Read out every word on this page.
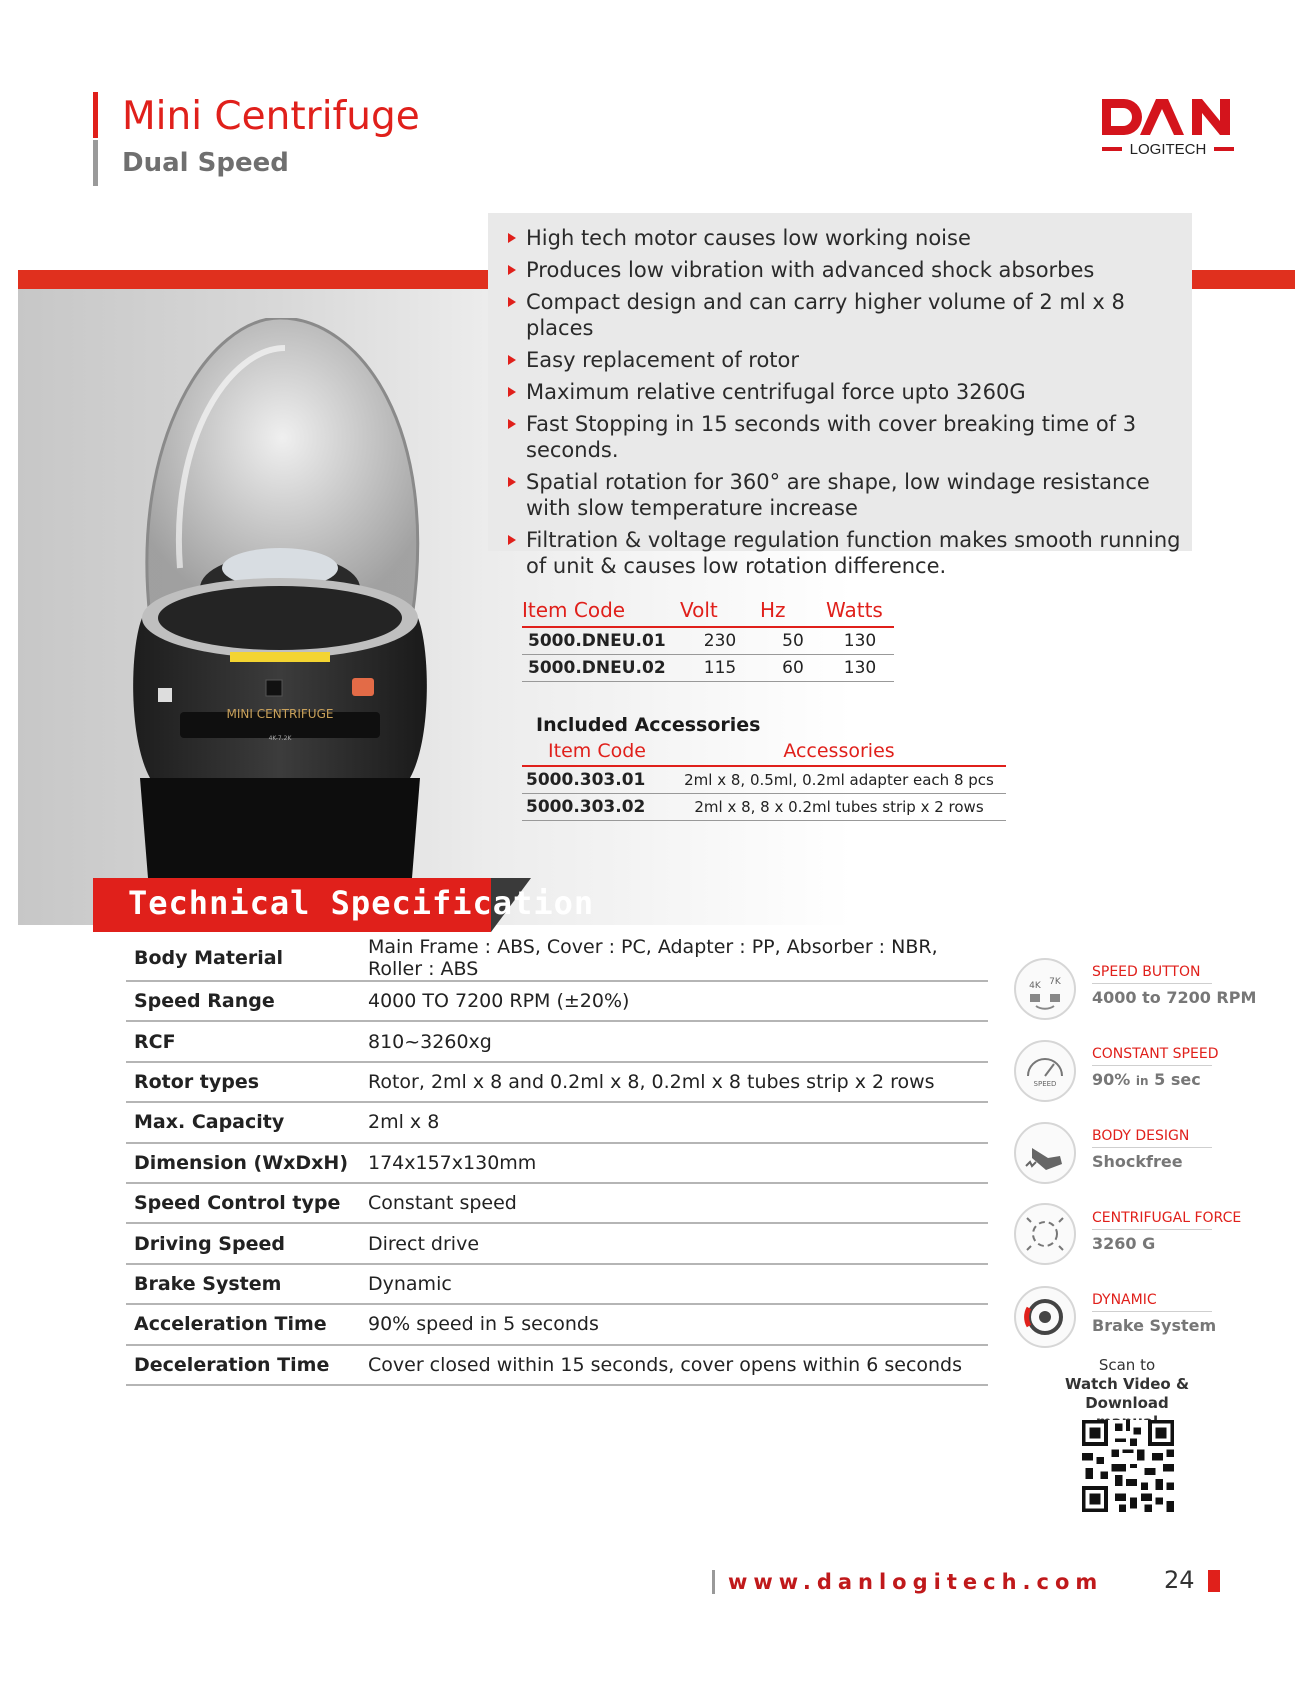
Mini Centrifuge
Dual Speed	LOGITECH
MINI CENTRIFUGE
4K-7.2K
High tech motor causes low working noise
Produces low vibration with advanced shock absorbes
Compact design and can carry higher volume of 2 ml x 8 places
Easy replacement of rotor
Maximum relative centrifugal force upto 3260G
Fast Stopping in 15 seconds with cover breaking time of 3 seconds.
Spatial rotation for 360° are shape, low windage resistance with slow temperature increase
Filtration & voltage regulation function makes smooth running of unit & causes low rotation difference.
Item Code	Volt	Hz	Watts
5000.DNEU.01	230	50	130
5000.DNEU.02	115	60	130
Included Accessories
Item Code	Accessories
5000.303.01	2ml x 8, 0.5ml, 0.2ml adapter each 8 pcs
5000.303.02	2ml x 8, 8 x 0.2ml tubes strip x 2 rows
Technical Specification
Body Material	Main Frame : ABS, Cover : PC, Adapter : PP, Absorber : NBR, Roller : ABS
Speed Range	4000 TO 7200 RPM (±20%)
RCF	810~3260xg
Rotor types	Rotor, 2ml x 8 and 0.2ml x 8, 0.2ml x 8 tubes strip x 2 rows
Max. Capacity	2ml x 8
Dimension (WxDxH)	174x157x130mm
Speed Control type	Constant speed
Driving Speed	Direct drive
Brake System	Dynamic
Acceleration Time	90% speed in 5 seconds
Deceleration Time	Cover closed within 15 seconds, cover opens within 6 seconds
4K 7K
SPEED BUTTON
4000 to 7200 RPM
SPEED
CONSTANT SPEED
90% in 5 sec
BODY DESIGN
Shockfree
CENTRIFUGAL FORCE
3260 G
DYNAMIC
Brake System
Scan to
Watch Video &
Download
www.danlogitech.com	24
